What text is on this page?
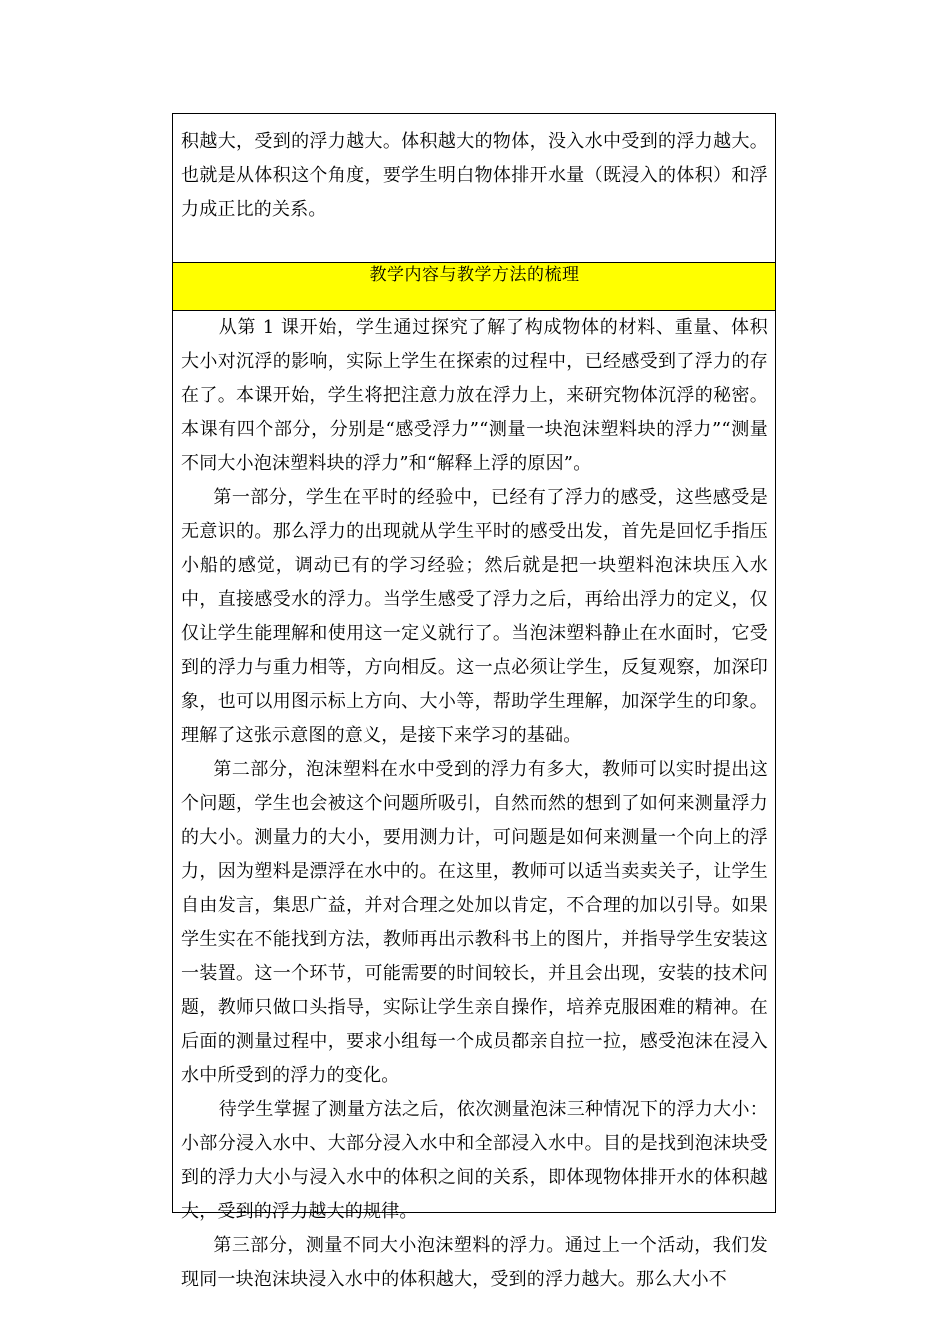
积越大，受到的浮力越大。体积越大的物体，没入水中受到的浮力越大。也就是从体积这个角度，要学生明白物体排开水量（既浸入的体积）和浮力成正比的关系。

教学内容与教学方法的梳理

从第 1 课开始，学生通过探究了解了构成物体的材料、重量、体积大小对沉浮的影响，实际上学生在探索的过程中，已经感受到了浮力的存在了。本课开始，学生将把注意力放在浮力上，来研究物体沉浮的秘密。本课有四个部分，分别是“感受浮力”“测量一块泡沫塑料块的浮力”“测量不同大小泡沫塑料块的浮力”和“解释上浮的原因”。

第一部分，学生在平时的经验中，已经有了浮力的感受，这些感受是无意识的。那么浮力的出现就从学生平时的感受出发，首先是回忆手指压小船的感觉，调动已有的学习经验；然后就是把一块塑料泡沫块压入水中，直接感受水的浮力。当学生感受了浮力之后，再给出浮力的定义，仅仅让学生能理解和使用这一定义就行了。当泡沫塑料静止在水面时，它受到的浮力与重力相等，方向相反。这一点必须让学生，反复观察，加深印象，也可以用图示标上方向、大小等，帮助学生理解，加深学生的印象。理解了这张示意图的意义，是接下来学习的基础。

第二部分，泡沫塑料在水中受到的浮力有多大，教师可以实时提出这个问题，学生也会被这个问题所吸引，自然而然的想到了如何来测量浮力的大小。测量力的大小，要用测力计，可问题是如何来测量一个向上的浮力，因为塑料是漂浮在水中的。在这里，教师可以适当卖卖关子，让学生自由发言，集思广益，并对合理之处加以肯定，不合理的加以引导。如果学生实在不能找到方法，教师再出示教科书上的图片，并指导学生安装这一装置。这一个环节，可能需要的时间较长，并且会出现，安装的技术问题，教师只做口头指导，实际让学生亲自操作，培养克服困难的精神。在后面的测量过程中，要求小组每一个成员都亲自拉一拉，感受泡沫在浸入水中所受到的浮力的变化。

待学生掌握了测量方法之后，依次测量泡沫三种情况下的浮力大小：小部分浸入水中、大部分浸入水中和全部浸入水中。目的是找到泡沫块受到的浮力大小与浸入水中的体积之间的关系，即体现物体排开水的体积越大，受到的浮力越大的规律。

第三部分，测量不同大小泡沫塑料的浮力。通过上一个活动，我们发现同一块泡沫块浸入水中的体积越大，受到的浮力越大。那么大小不
